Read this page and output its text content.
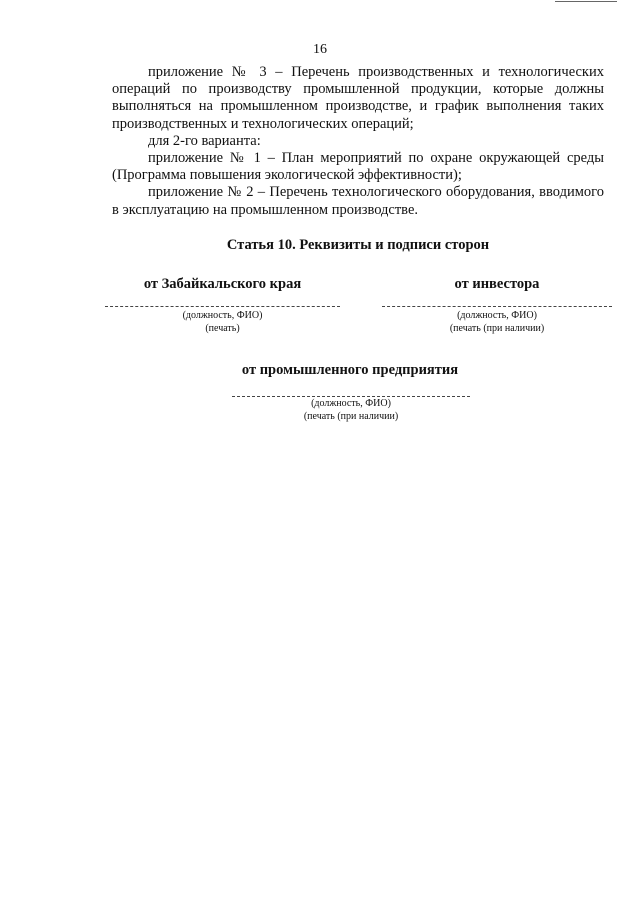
16

приложение № 3 – Перечень производственных и технологических операций по производству промышленной продукции, которые должны выполняться на промышленном производстве, и график выполнения таких производственных и технологических операций;

для 2-го варианта:

приложение № 1 – План мероприятий по охране окружающей среды (Программа повышения экологической эффективности);

приложение № 2 – Перечень технологического оборудования, вводимого в эксплуатацию на промышленном производстве.

Статья 10. Реквизиты и подписи сторон
от Забайкальского края
(должность, ФИО)
(печать)
от инвестора
(должность, ФИО)
(печать (при наличии)
от промышленного предприятия
(должность, ФИО)
(печать (при наличии)
